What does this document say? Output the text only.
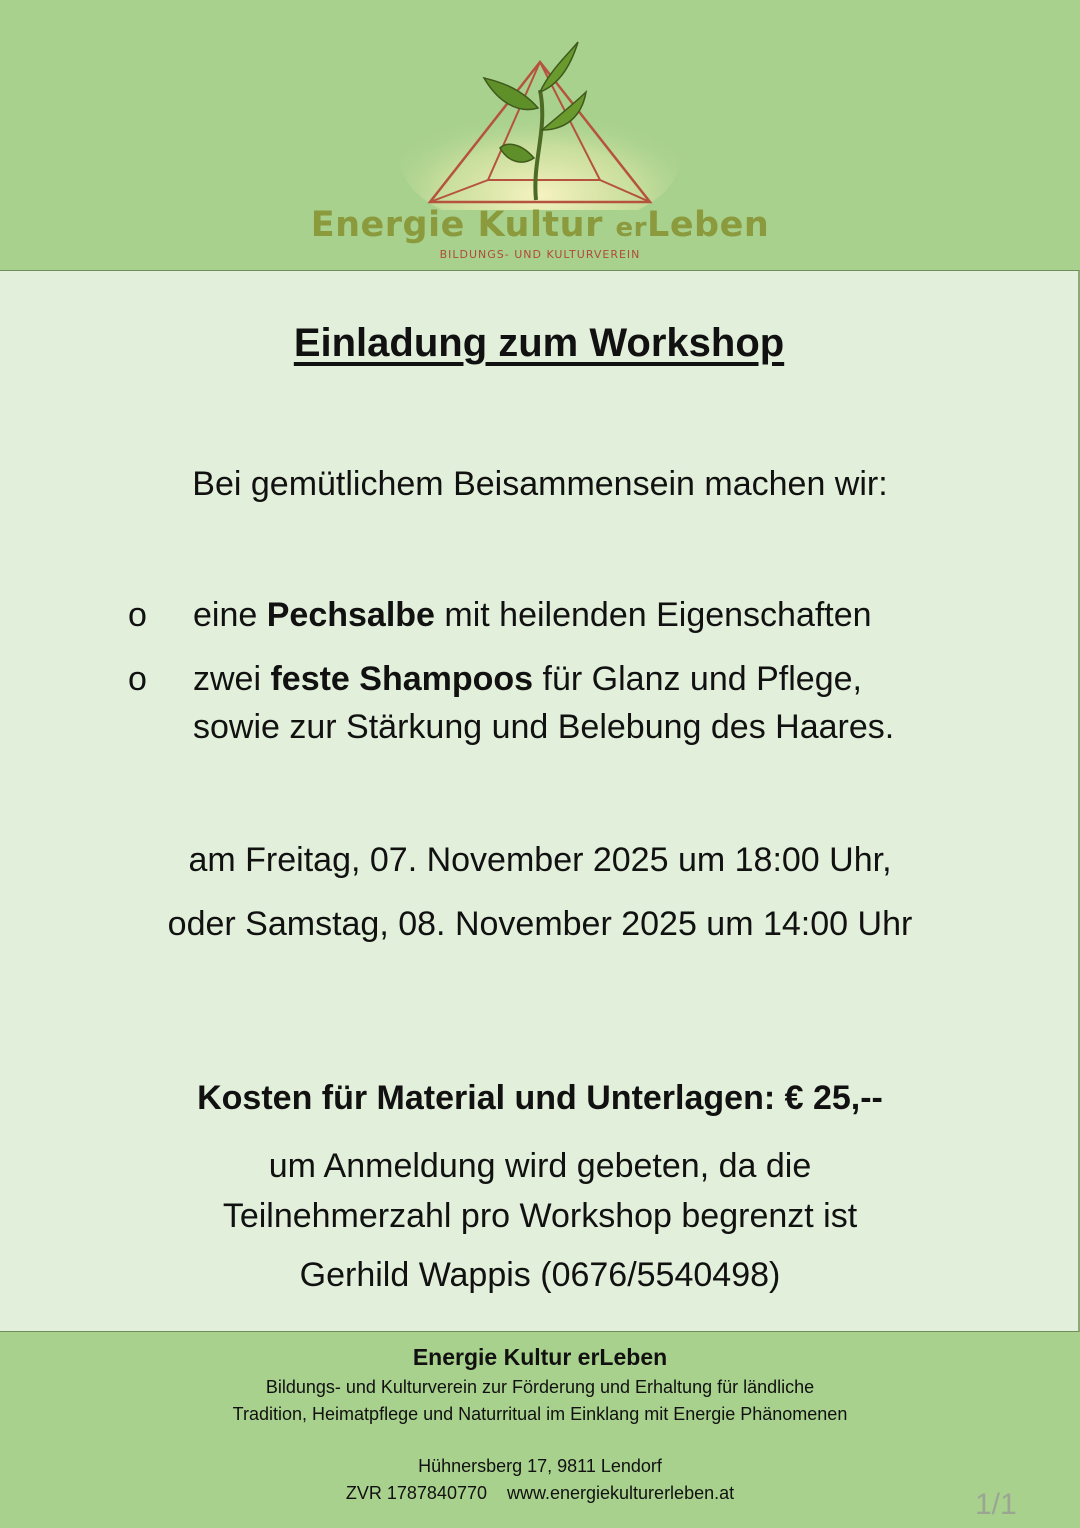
Energie Kultur erLeben
BILDUNGS- UND KULTURVEREIN
Einladung zum Workshop
Bei gemütlichem Beisammensein machen wir:
o	eine Pechsalbe mit heilenden Eigenschaften
o	zwei feste Shampoos für Glanz und Pflege,
sowie zur Stärkung und Belebung des Haares.
am Freitag, 07. November 2025 um 18:00 Uhr,
oder Samstag, 08. November 2025 um 14:00 Uhr
Kosten für Material und Unterlagen: € 25,--
um Anmeldung wird gebeten, da die
Teilnehmerzahl pro Workshop begrenzt ist
Gerhild Wappis (0676/5540498)
Energie Kultur erLeben
Bildungs- und Kulturverein zur Förderung und Erhaltung für ländliche
Tradition, Heimatpflege und Naturritual im Einklang mit Energie Phänomenen
Hühnersberg 17, 9811 Lendorf
ZVR 1787840770 www.energiekulturerleben.at	1/1
